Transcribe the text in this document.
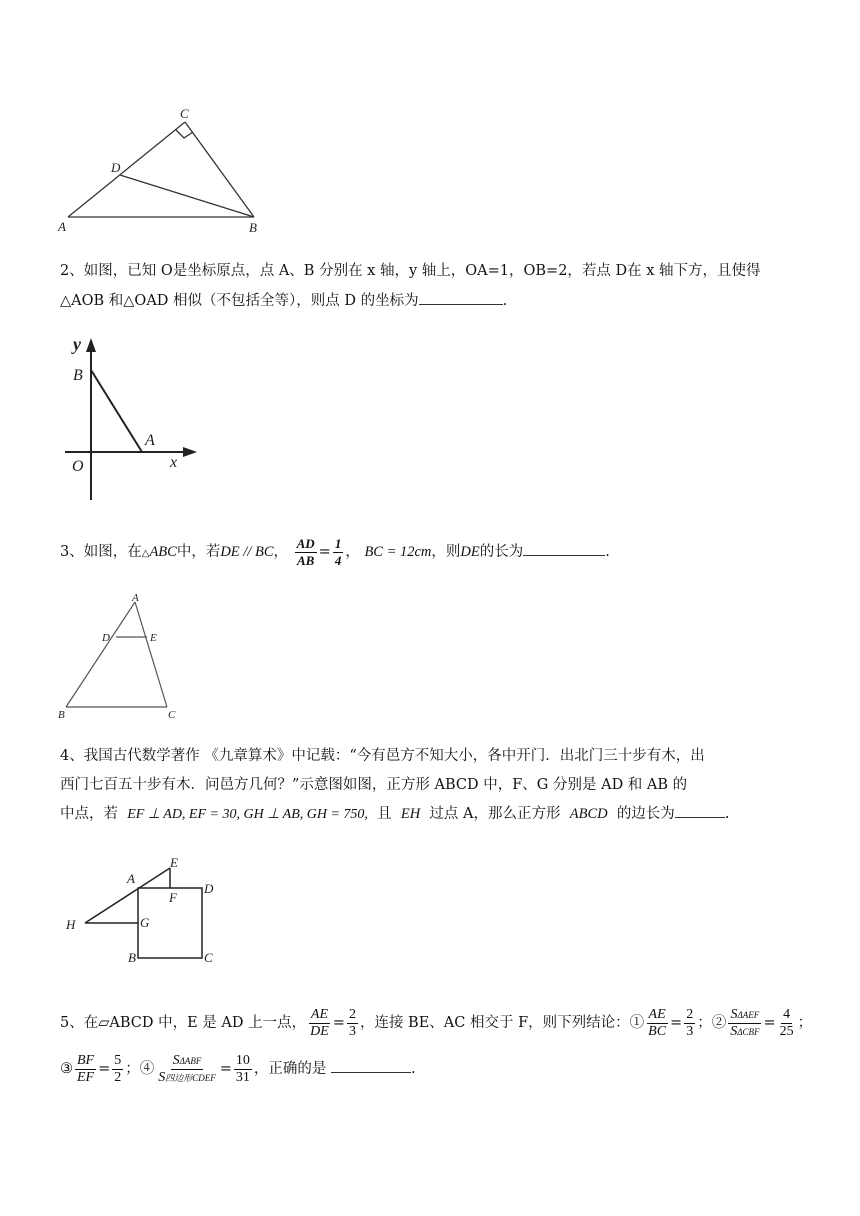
C
D
A	B
2、如图，已知 O是坐标原点，点 A、B 分别在 x 轴，y 轴上，OA=1，OB=2，若点 D在 x 轴下方，且使得
△AOB 和△OAD 相似（不包括全等），则点 D 的坐标为	.
y
B
A
O	x
3、如图，在△ABC中，若DE // BC， $\frac{AD}{AB} = \frac{1}{4}$ ， BC = 12cm，则DE的长为	.
A
D	E
B	C
4、我国古代数学著作 《九章算术》中记载：“今有邑方不知大小，各中开门．出北门三十步有木，出
西门七百五十步有木．问邑方几何？”示意图如图，正方形 ABCD 中，F、G 分别是 AD 和 AB 的
中点，若 EF ⊥ AD, EF = 30, GH ⊥ AB, GH = 750, 且 EH 过点 A，那么正方形 ABCD 的边长为	.
E
A
D
F
H	G
B	C
5、在▱ABCD 中，E 是 AD 上一点， $\frac{AE}{DE} = \frac{2}{3}$ ，连接 BE、AC 相交于 F，则下列结论：① $\frac{AE}{BC} = \frac{2}{3}$ ；② $\frac{\text{SΔAEF}}{\text{SΔCBF}} = \frac{4}{25}$ ；
③ $\frac{BF}{EF} = \frac{5}{2}$ ；④ $\frac{\text{SΔABF}}{\text{S四边形CDEF}} = \frac{10}{31}$ ，正确的是	.
